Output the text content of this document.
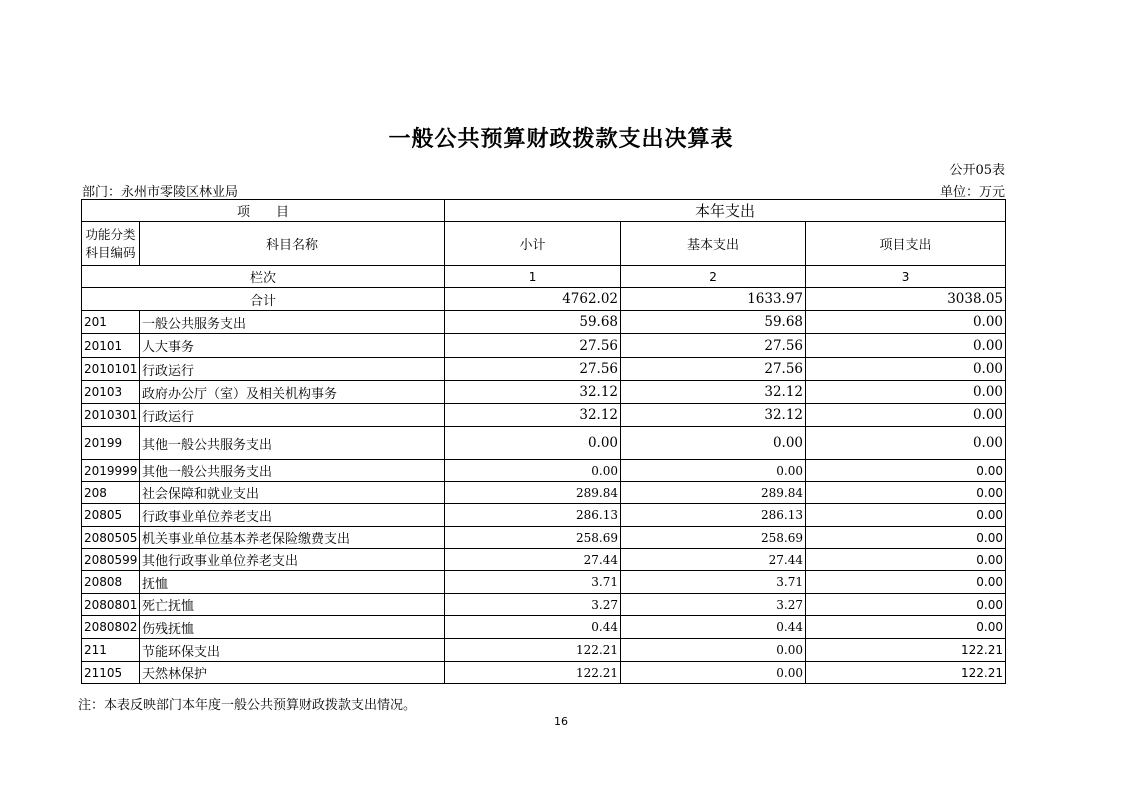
一般公共预算财政拨款支出决算表
公开05表
部门：永州市零陵区林业局	单位：万元
项　　目		本年支出		
功能分类科目编码	科目名称	小计	基本支出	项目支出
栏次		1	2	3
合计		4762.02	1633.97	3038.05
201	一般公共服务支出	59.68	59.68	0.00
20101	人大事务	27.56	27.56	0.00
2010101	行政运行	27.56	27.56	0.00
20103	政府办公厅（室）及相关机构事务	32.12	32.12	0.00
2010301	行政运行	32.12	32.12	0.00
20199	其他一般公共服务支出	0.00	0.00	0.00
2019999	其他一般公共服务支出	0.00	0.00	0.00
208	社会保障和就业支出	289.84	289.84	0.00
20805	行政事业单位养老支出	286.13	286.13	0.00
2080505	机关事业单位基本养老保险缴费支出	258.69	258.69	0.00
2080599	其他行政事业单位养老支出	27.44	27.44	0.00
20808	抚恤	3.71	3.71	0.00
2080801	死亡抚恤	3.27	3.27	0.00
2080802	伤残抚恤	0.44	0.44	0.00
211	节能环保支出	122.21	0.00	122.21
21105	天然林保护	122.21	0.00	122.21
注：本表反映部门本年度一般公共预算财政拨款支出情况。
16
